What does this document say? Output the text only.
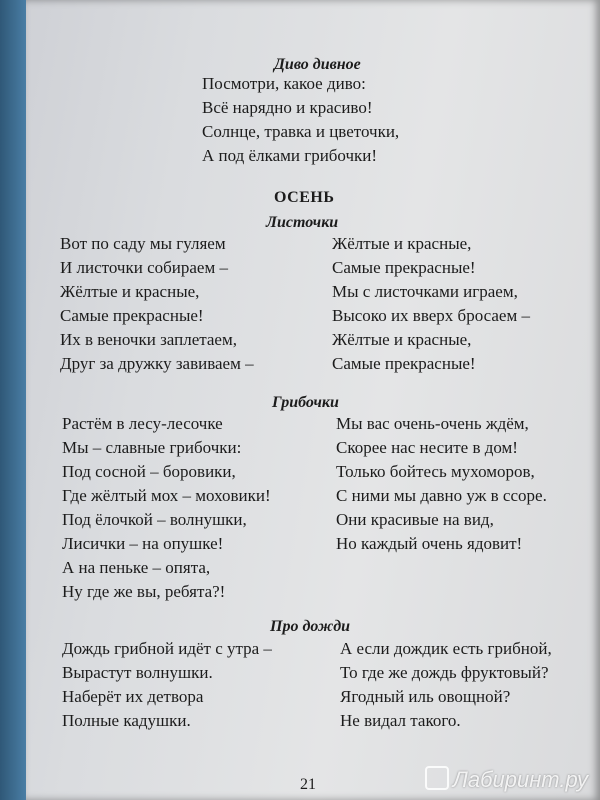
Диво дивное
Посмотри, какое диво:
Всё нарядно и красиво!
Солнце, травка и цветочки,
А под ёлками грибочки!
ОСЕНЬ
Листочки
Вот по саду мы гуляем
И листочки собираем –
Жёлтые и красные,
Самые прекрасные!
Их в веночки заплетаем,
Друг за дружку завиваем –
Жёлтые и красные,
Самые прекрасные!
Мы с листочками играем,
Высоко их вверх бросаем –
Жёлтые и красные,
Самые прекрасные!
Грибочки
Растём в лесу-лесочке
Мы – славные грибочки:
Под сосной – боровики,
Где жёлтый мох – моховики!
Под ёлочкой – волнушки,
Лисички – на опушке!
А на пеньке – опята,
Ну где же вы, ребята?!
Мы вас очень-очень ждём,
Скорее нас несите в дом!
Только бойтесь мухоморов,
С ними мы давно уж в ссоре.
Они красивые на вид,
Но каждый очень ядовит!
Про дожди
Дождь грибной идёт с утра –
Вырастут волнушки.
Наберёт их детвора
Полные кадушки.
А если дождик есть грибной,
То где же дождь фруктовый?
Ягодный иль овощной?
Не видал такого.
21	Лабиринт.ру
